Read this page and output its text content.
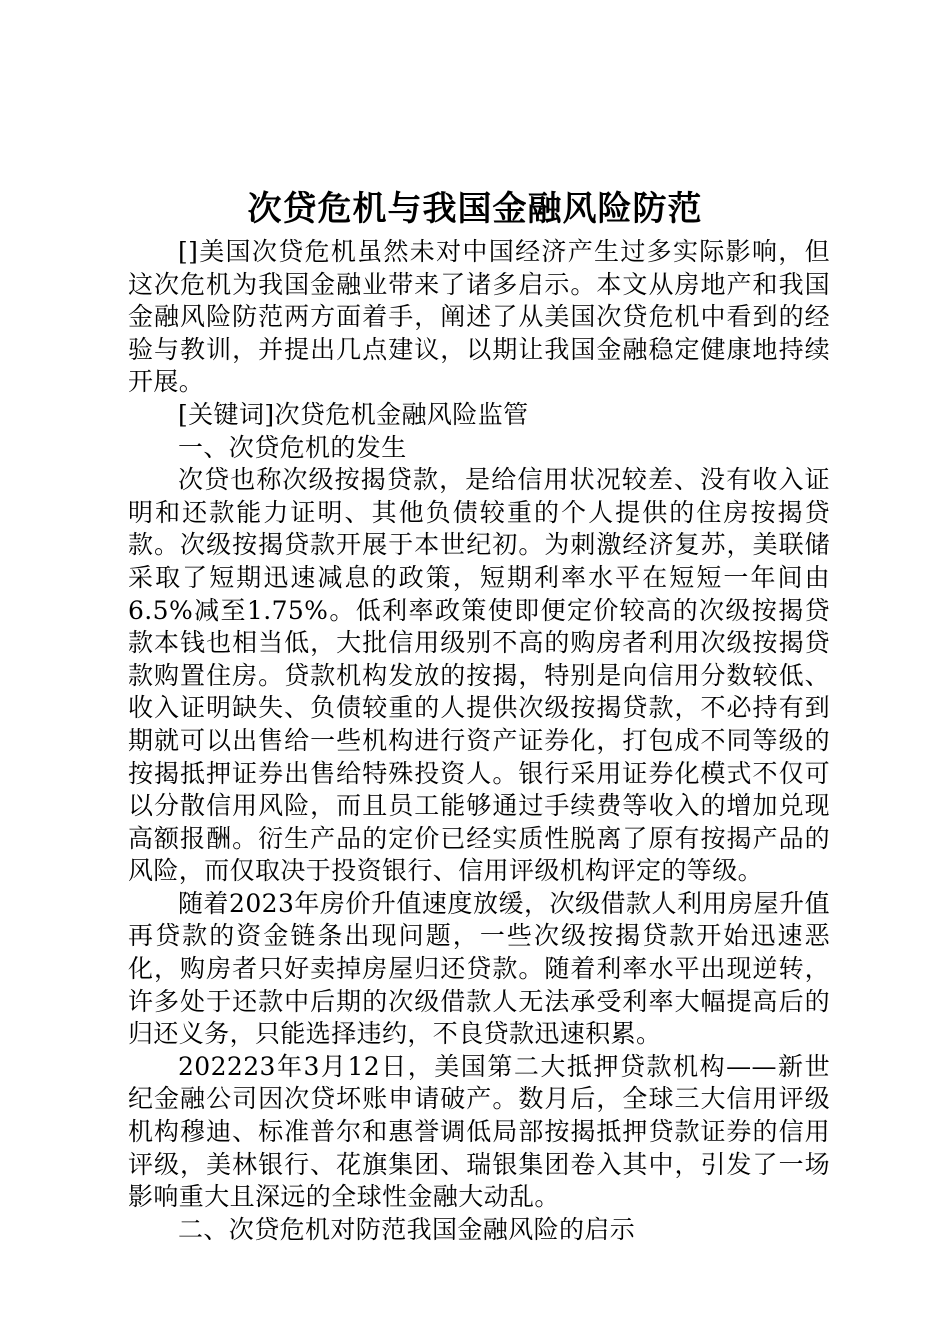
次贷危机与我国金融风险防范

[]美国次贷危机虽然未对中国经济产生过多实际影响，但这次危机为我国金融业带来了诸多启示。本文从房地产和我国金融风险防范两方面着手，阐述了从美国次贷危机中看到的经验与教训，并提出几点建议，以期让我国金融稳定健康地持续开展。

[关键词]次贷危机金融风险监管

一、次贷危机的发生

次贷也称次级按揭贷款，是给信用状况较差、没有收入证明和还款能力证明、其他负债较重的个人提供的住房按揭贷款。次级按揭贷款开展于本世纪初。为刺激经济复苏，美联储采取了短期迅速减息的政策，短期利率水平在短短一年间由6.5%减至1.75%。低利率政策使即便定价较高的次级按揭贷款本钱也相当低，大批信用级别不高的购房者利用次级按揭贷款购置住房。贷款机构发放的按揭，特别是向信用分数较低、收入证明缺失、负债较重的人提供次级按揭贷款，不必持有到期就可以出售给一些机构进行资产证券化，打包成不同等级的按揭抵押证券出售给特殊投资人。银行采用证券化模式不仅可以分散信用风险，而且员工能够通过手续费等收入的增加兑现高额报酬。衍生产品的定价已经实质性脱离了原有按揭产品的风险，而仅取决于投资银行、信用评级机构评定的等级。

随着2023年房价升值速度放缓，次级借款人利用房屋升值再贷款的资金链条出现问题，一些次级按揭贷款开始迅速恶化，购房者只好卖掉房屋归还贷款。随着利率水平出现逆转，许多处于还款中后期的次级借款人无法承受利率大幅提高后的归还义务，只能选择违约，不良贷款迅速积累。

202223年3月12日，美国第二大抵押贷款机构——新世纪金融公司因次贷坏账申请破产。数月后，全球三大信用评级机构穆迪、标准普尔和惠誉调低局部按揭抵押贷款证券的信用评级，美林银行、花旗集团、瑞银集团卷入其中，引发了一场影响重大且深远的全球性金融大动乱。

二、次贷危机对防范我国金融风险的启示
